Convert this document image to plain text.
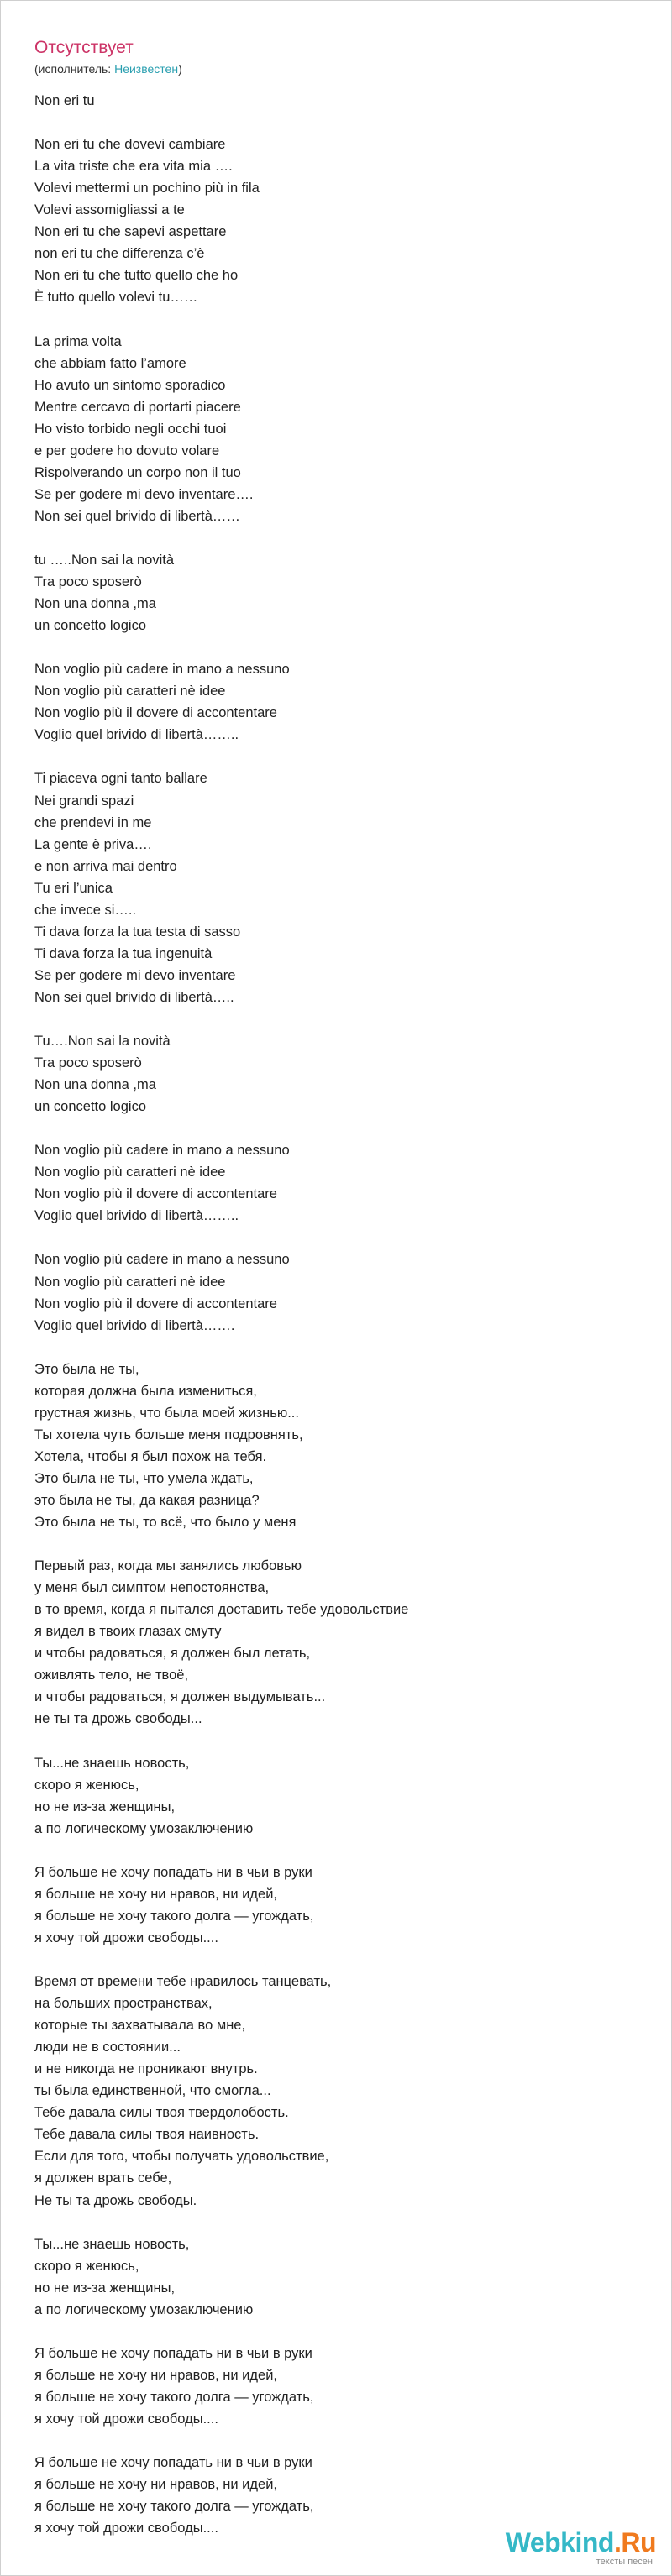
Отсутствует
(исполнитель: Неизвестен)
Non eri tu

Non eri tu che dovevi cambiare
La vita triste che era vita mia ….
Volevi mettermi un pochino più in fila
Volevi assomigliassi a te
Non eri tu che sapevi aspettare
non eri tu che differenza c’è
Non eri tu che tutto quello che ho
È tutto quello volevi tu……

La prima volta
che abbiam fatto l’amore
Ho avuto un sintomo sporadico
Mentre cercavo di portarti piacere
Ho visto torbido negli occhi tuoi
e per godere ho dovuto volare
Rispolverando un corpo non il tuo
Se per godere mi devo inventare….
Non sei quel brivido di libertà……

tu …..Non sai la novità
Tra poco sposerò
Non una donna ,ma
un concetto logico

Non voglio più cadere in mano a nessuno
Non voglio più caratteri nè idee
Non voglio più il dovere di accontentare
Voglio quel brivido di libertà……..

Ti piaceva ogni tanto ballare
Nei grandi spazi
che prendevi in me
La gente è priva….
e non arriva mai dentro
Tu eri l’unica
che invece si…..
Ti dava forza la tua testa di sasso
Ti dava forza la tua ingenuità
Se per godere mi devo inventare
Non sei quel brivido di libertà…..

Tu….Non sai la novità
Tra poco sposerò
Non una donna ,ma
un concetto logico

Non voglio più cadere in mano a nessuno
Non voglio più caratteri nè idee
Non voglio più il dovere di accontentare
Voglio quel brivido di libertà……..

Non voglio più cadere in mano a nessuno
Non voglio più caratteri nè idee
Non voglio più il dovere di accontentare
Voglio quel brivido di libertà…….

Это была не ты,
которая должна была измениться,
грустная жизнь, что была моей жизнью...
Ты хотела чуть больше меня подровнять,
Хотела, чтобы я был похож на тебя.
Это была не ты, что умела ждать,
это была не ты, да какая разница?
Это была не ты, то всё, что было у меня

Первый раз, когда мы занялись любовью
у меня был симптом непостоянства,
в то время, когда я пытался доставить тебе удовольствие
я видел в твоих глазах смуту
и чтобы радоваться, я должен был летать,
оживлять тело, не твоё,
и чтобы радоваться, я должен выдумывать...
не ты та дрожь свободы...

Ты...не знаешь новость,
скоро я женюсь,
но не из-за женщины,
а по логическому умозаключению

Я больше не хочу попадать ни в чьи в руки
я больше не хочу ни нравов, ни идей,
я больше не хочу такого долга — угождать,
я хочу той дрожи свободы....

Время от времени тебе нравилось танцевать,
на больших пространствах,
которые ты захватывала во мне,
люди не в состоянии...
и не никогда не проникают внутрь.
ты была единственной, что смогла...
Тебе давала силы твоя твердолобость.
Тебе давала силы твоя наивность.
Если для того, чтобы получать удовольствие,
я должен врать себе,
Не ты та дрожь свободы.

Ты...не знаешь новость,
скоро я женюсь,
но не из-за женщины,
а по логическому умозаключению

Я больше не хочу попадать ни в чьи в руки
я больше не хочу ни нравов, ни идей,
я больше не хочу такого долга — угождать,
я хочу той дрожи свободы....

Я больше не хочу попадать ни в чьи в руки
я больше не хочу ни нравов, ни идей,
я больше не хочу такого долга — угождать,
я хочу той дрожи свободы....	Webkind.Ru
тексты песен
